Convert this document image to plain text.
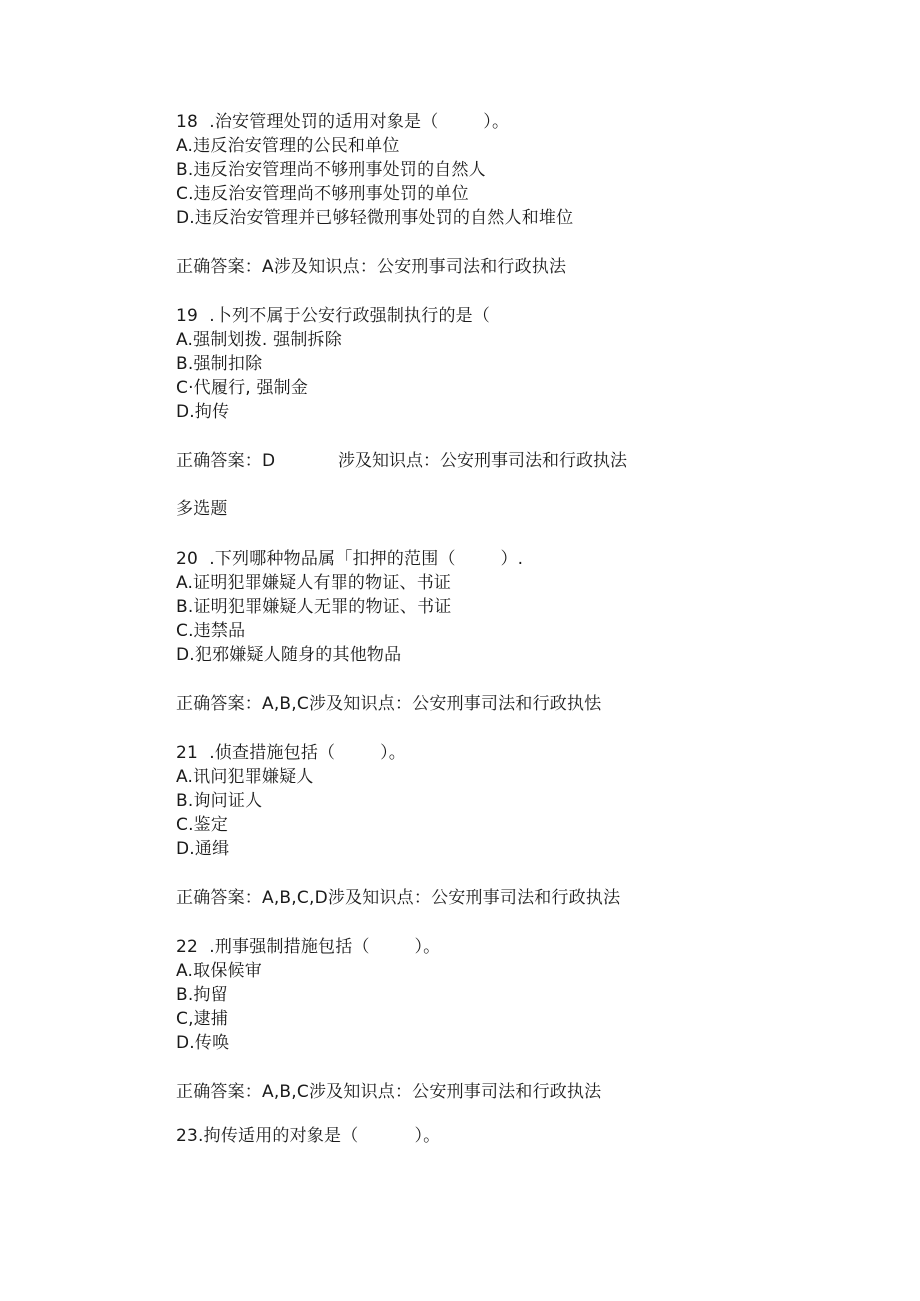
18  .治安管理处罚的适用对象是（        ）。
A.违反治安管理的公民和单位
B.违反治安管理尚不够刑事处罚的自然人
C.违反治安管理尚不够刑事处罚的单位
D.违反治安管理并已够轻微刑事处罚的自然人和堆位
正确答案：A涉及知识点：公安刑事司法和行政执法
19  .卜列不属于公安行政强制执行的是（
A.强制划拨. 强制拆除
B.强制扣除
C·代履行, 强制金
D.拘传
正确答案：D	涉及知识点：公安刑事司法和行政执法
多选题
20  .下列哪种物品属「扣押的范围（        ）.
A.证明犯罪嫌疑人有罪的物证、书证
B.证明犯罪嫌疑人无罪的物证、书证
C.违禁品
D.犯邪嫌疑人随身的其他物品
正确答案：A,B,C涉及知识点：公安刑事司法和行政执怯
21  .侦查措施包括（        ）。
A.讯问犯罪嫌疑人
B.询问证人
C.鉴定
D.通缉
正确答案：A,B,C,D涉及知识点：公安刑事司法和行政执法
22  .刑事强制措施包括（        ）。
A.取保候审
B.拘留
C,逮捕
D.传唤
正确答案：A,B,C涉及知识点：公安刑事司法和行政执法
23.拘传适用的对象是（          ）。
